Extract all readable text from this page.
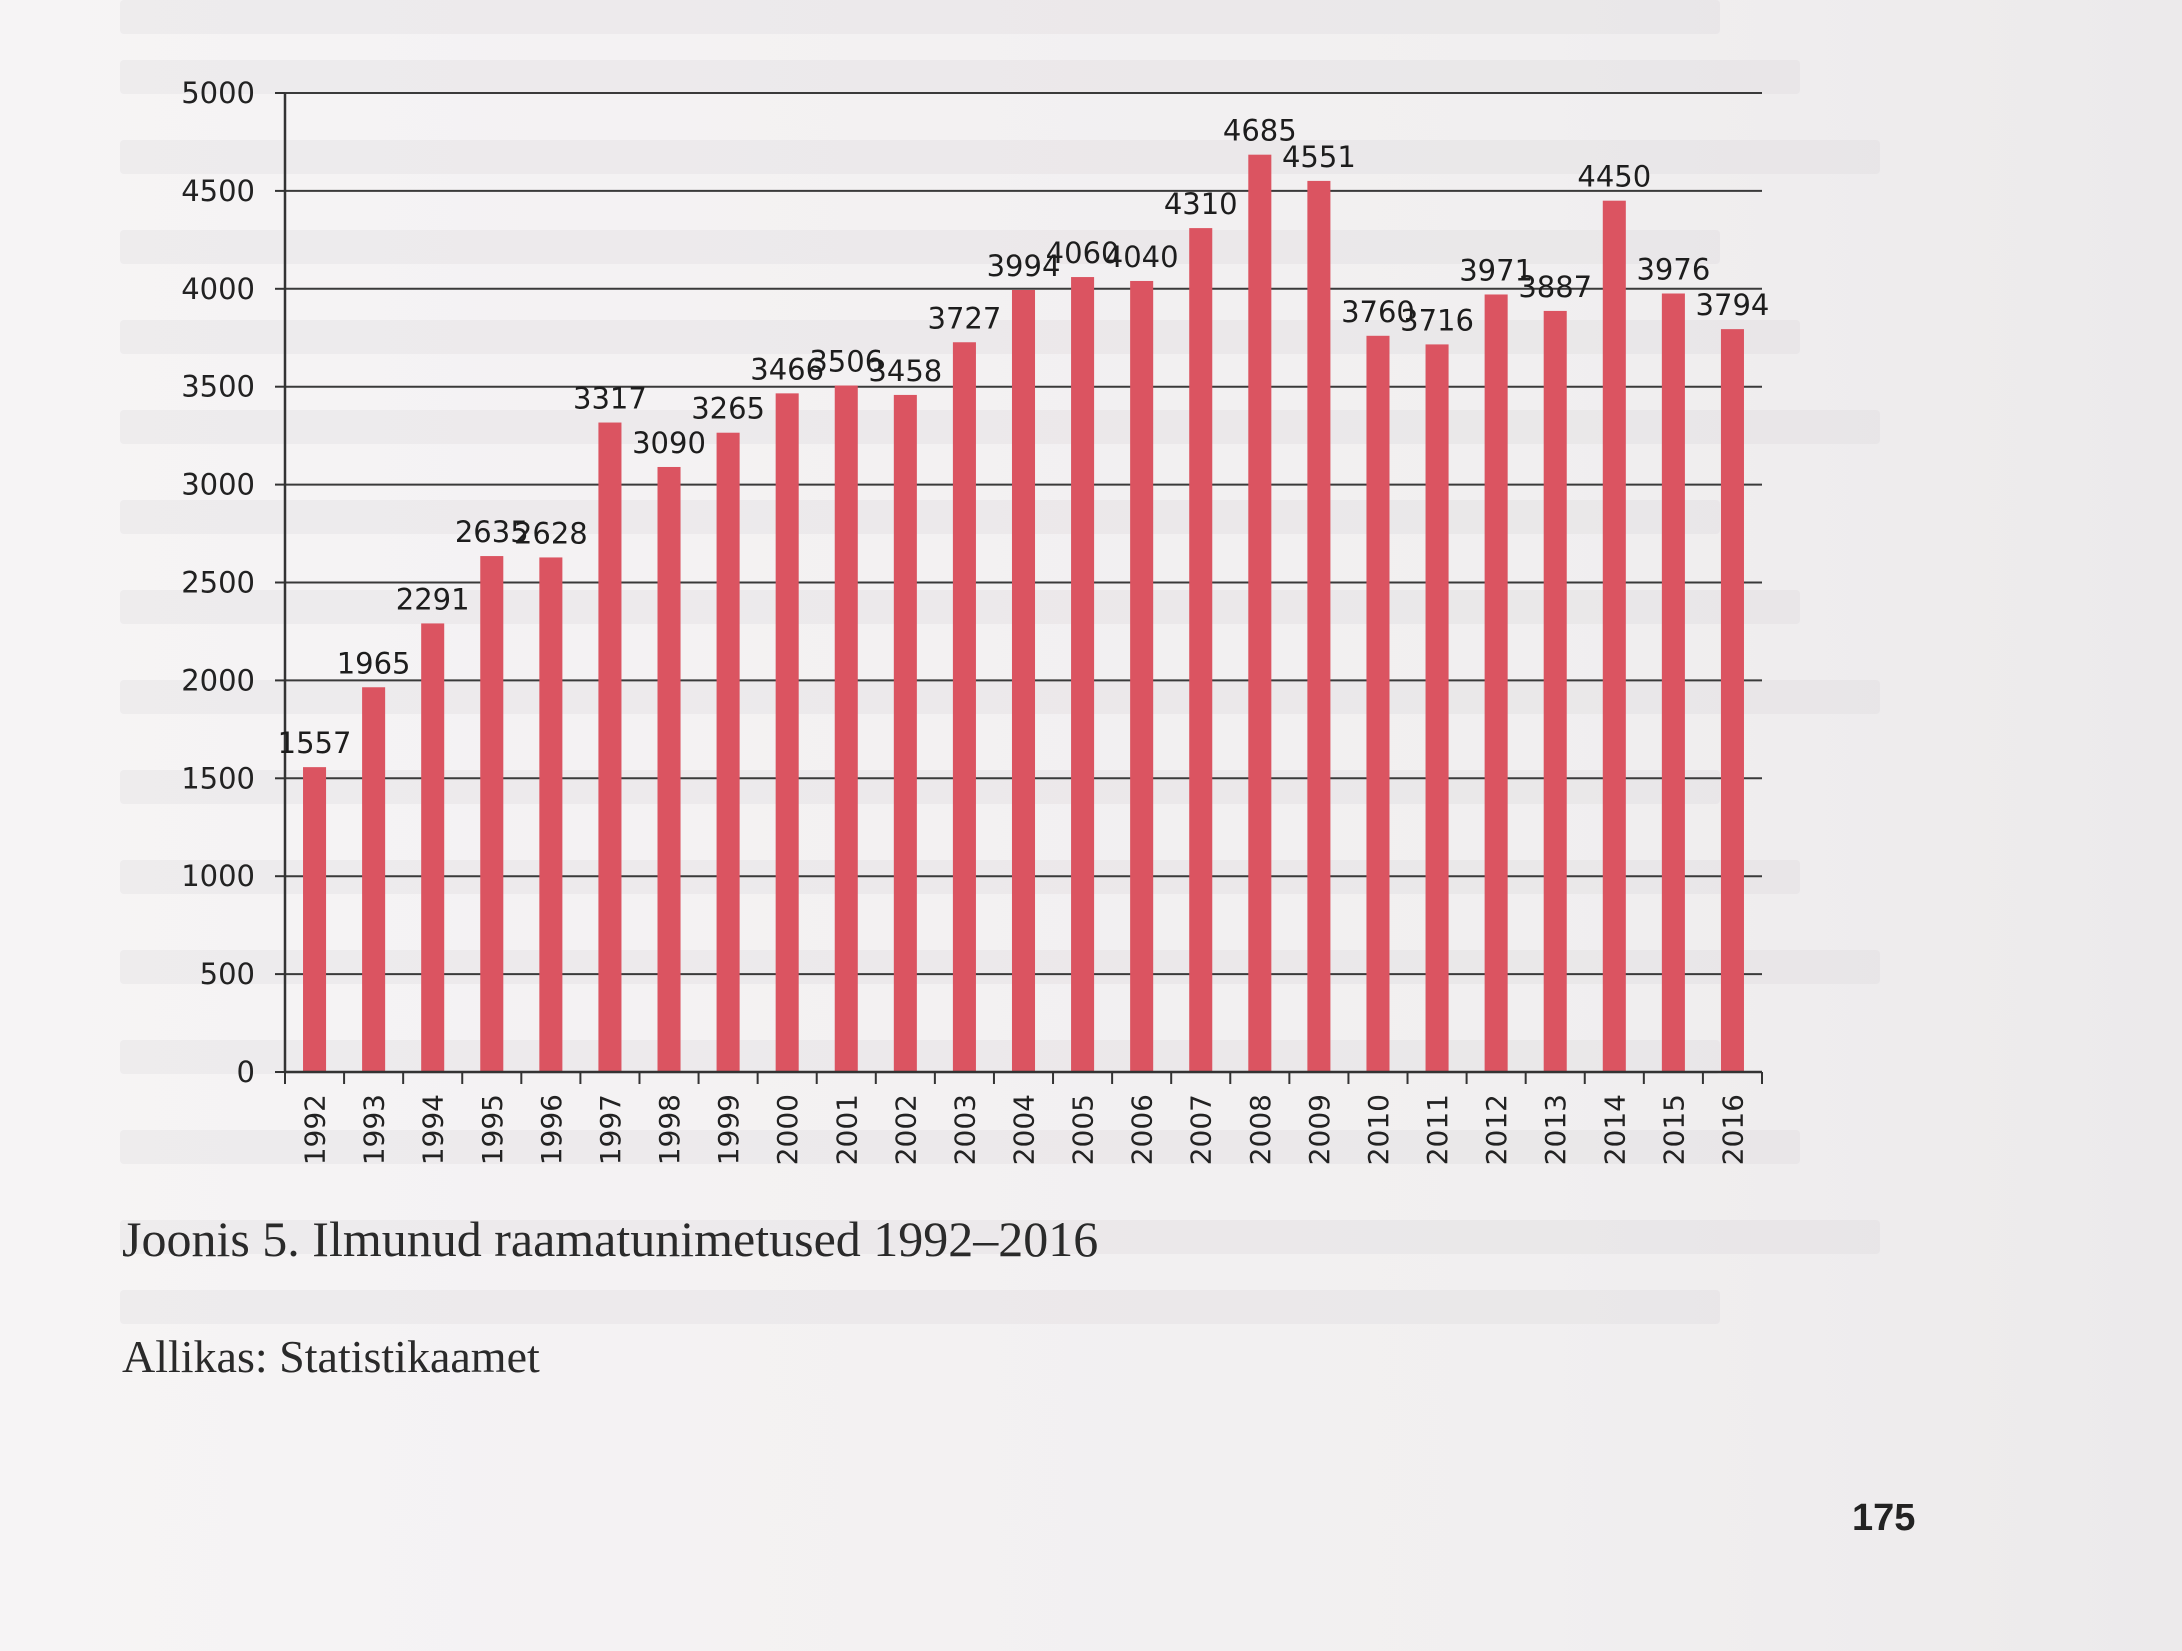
0
500
1000
1500
2000
2500
3000
3500
4000
4500
5000
1992 1993 1994 1995 1996 1997 1998 1999 2000 2001 2002 2003 2004 2005 2006 2007 2008 2009 2010 2011 2012 2013 2014 2015 2016
1557
1965
2291
2635
2628
3317
3090
3265
3466
3506
3458
3727
3994
4060
4040
4310
4685
4551
3760
3716
3971
3887
4450
3976
3794
Joonis 5. Ilmunud raamatunimetused 1992–2016
Allikas: Statistikaamet
175
